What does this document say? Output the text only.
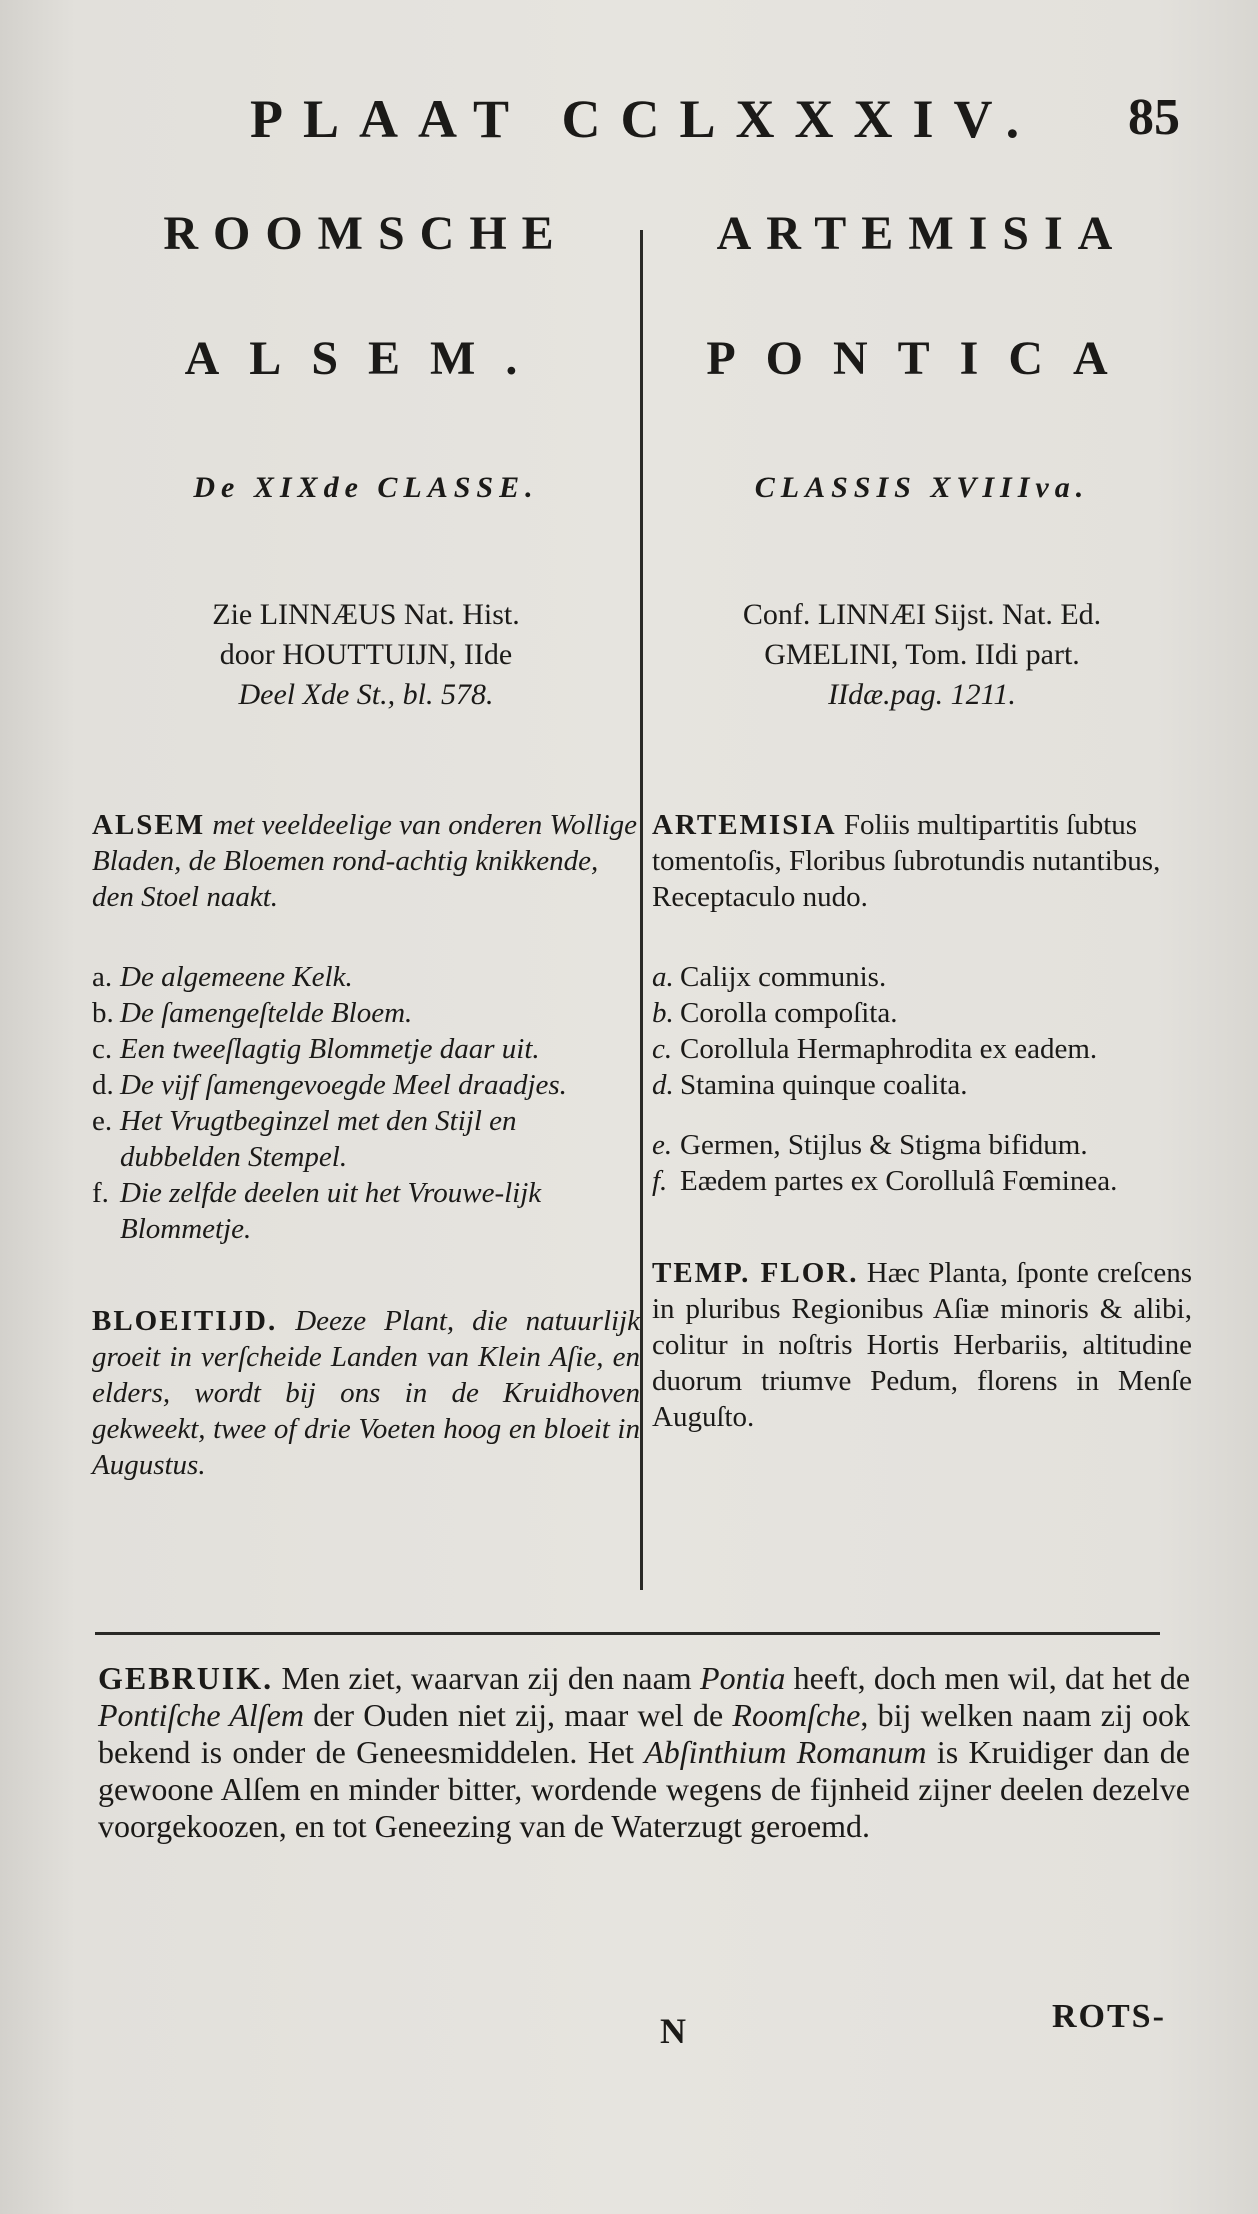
PLAAT CCLXXXIV. 85
ROOMSCHE
ALSEM.
De XIXde CLASSE.
Zie LINNÆUS Nat. Hist.
door HOUTTUIJN, IIde
Deel Xde St., bl. 578.
ALSEM met veeldeelige van onderen Wollige Bladen, de Bloemen rond-achtig knikkende, den Stoel naakt.
a. De algemeene Kelk.
b. De ſamengeſtelde Bloem.
c. Een tweeſlagtig Blommetje daar uit.
d. De vijf ſamengevoegde Meel draadjes.
e. Het Vrugtbeginzel met den Stijl en dubbelden Stempel.
f. Die zelfde deelen uit het Vrouwe-lijk Blommetje.
BLOEITIJD. Deeze Plant, die natuurlijk groeit in verſcheide Landen van Klein Aſie, en elders, wordt bij ons in de Kruidhoven gekweekt, twee of drie Voeten hoog en bloeit in Augustus.
ARTEMISIA
PONTICA
CLASSIS XVIIIva.
Conf. LINNÆI Sijst. Nat. Ed.
GMELINI, Tom. IIdi part.
IIdæ.pag. 1211.
ARTEMISIA Foliis multipartitis ſubtus tomentoſis, Floribus ſubrotundis nutantibus, Receptaculo nudo.
a. Calijx communis.
b. Corolla compoſita.
c. Corollula Hermaphrodita ex eadem.
d. Stamina quinque coalita.
e. Germen, Stijlus & Stigma bifidum.
f. Eædem partes ex Corollulâ Fœminea.
TEMP. FLOR. Hæc Planta, ſponte creſcens in pluribus Regionibus Aſiæ minoris & alibi, colitur in noſtris Hortis Herbariis, altitudine duorum triumve Pedum, florens in Menſe Auguſto.
GEBRUIK. Men ziet, waarvan zij den naam Pontia heeft, doch men wil, dat het de Pontiſche Alſem der Ouden niet zij, maar wel de Roomſche, bij welken naam zij ook bekend is onder de Geneesmiddelen. Het Abſinthium Romanum is Kruidiger dan de gewoone Alſem en minder bitter, wordende wegens de fijnheid zijner deelen dezelve voorgekoozen, en tot Geneezing van de Waterzugt geroemd.
N	ROTS-
